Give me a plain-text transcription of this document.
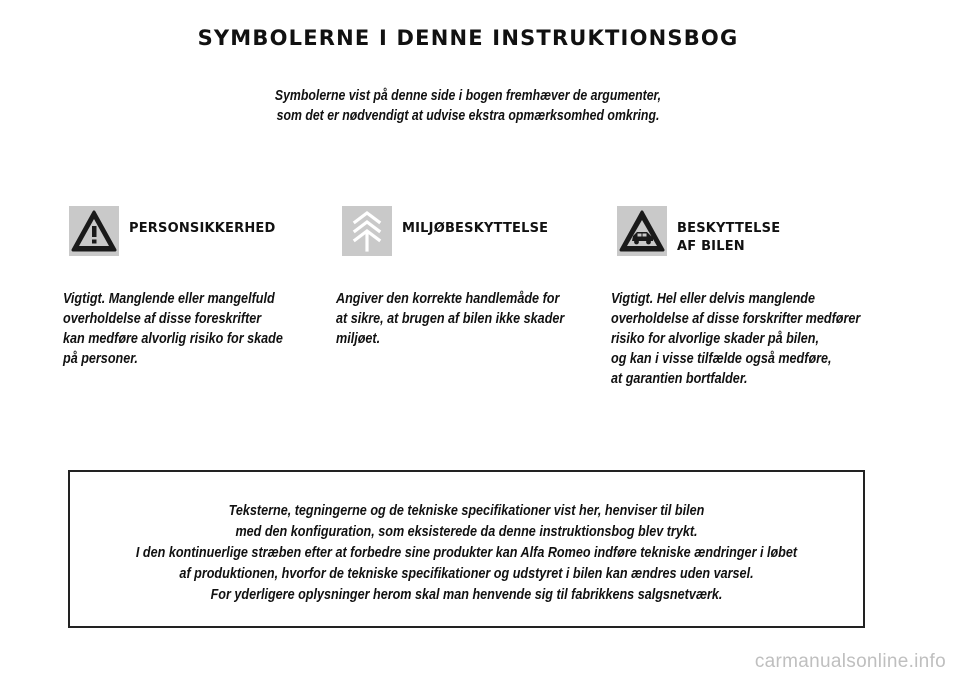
SYMBOLERNE I DENNE INSTRUKTIONSBOG
Symbolerne vist på denne side i bogen fremhæver de argumenter,
som det er nødvendigt at udvise ekstra opmærksomhed omkring.
PERSONSIKKERHED
Vigtigt. Manglende eller mangelfuld
overholdelse af disse foreskrifter
kan medføre alvorlig risiko for skade
på personer.
MILJØBESKYTTELSE
Angiver den korrekte handlemåde for
at sikre, at brugen af bilen ikke skader
miljøet.
BESKYTTELSE
AF BILEN
Vigtigt. Hel eller delvis manglende
overholdelse af disse forskrifter medfører
risiko for alvorlige skader på bilen,
og kan i visse tilfælde også medføre,
at garantien bortfalder.
Teksterne, tegningerne og de tekniske specifikationer vist her, henviser til bilen
med den konfiguration, som eksisterede da denne instruktionsbog blev trykt.
I den kontinuerlige stræben efter at forbedre sine produkter kan Alfa Romeo indføre tekniske ændringer i løbet
af produktionen, hvorfor de tekniske specifikationer og udstyret i bilen kan ændres uden varsel.
For yderligere oplysninger herom skal man henvende sig til fabrikkens salgsnetværk.
carmanualsonline.info
